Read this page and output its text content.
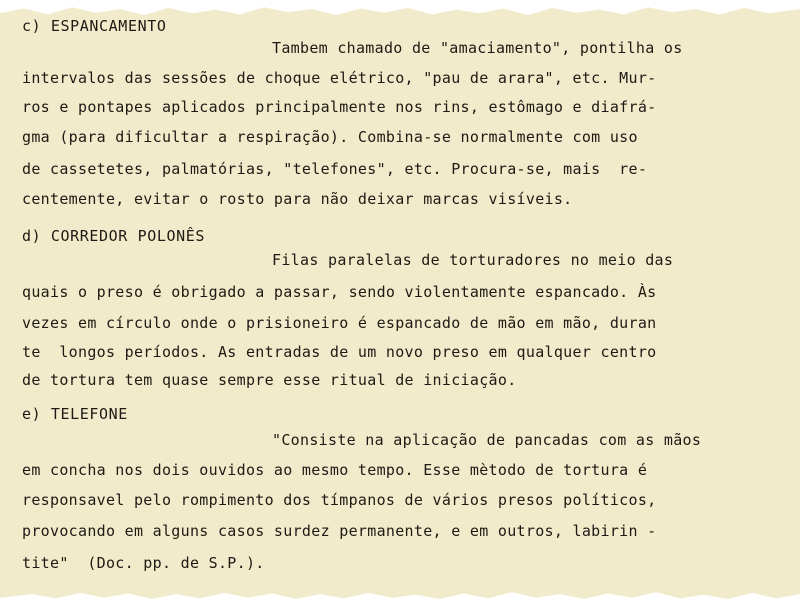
c) ESPANCAMENTO
Tambem chamado de "amaciamento", pontilha os
intervalos das sessões de choque elétrico, "pau de arara", etc. Mur-
ros e pontapes aplicados principalmente nos rins, estômago e diafrá-
gma (para dificultar a respiração). Combina-se normalmente com uso
de cassetetes, palmatórias, "telefones", etc. Procura-se, mais  re-
centemente, evitar o rosto para não deixar marcas visíveis.
d) CORREDOR POLONÊS
Filas paralelas de torturadores no meio das
quais o preso é obrigado a passar, sendo violentamente espancado. Às
vezes em círculo onde o prisioneiro é espancado de mão em mão, duran
te  longos períodos. As entradas de um novo preso em qualquer centro
de tortura tem quase sempre esse ritual de iniciação.
e) TELEFONE
"Consiste na aplicação de pancadas com as mãos
em concha nos dois ouvidos ao mesmo tempo. Esse mètodo de tortura é
responsavel pelo rompimento dos tímpanos de vários presos políticos,
provocando em alguns casos surdez permanente, e em outros, labirin -
tite"  (Doc. pp. de S.P.).
